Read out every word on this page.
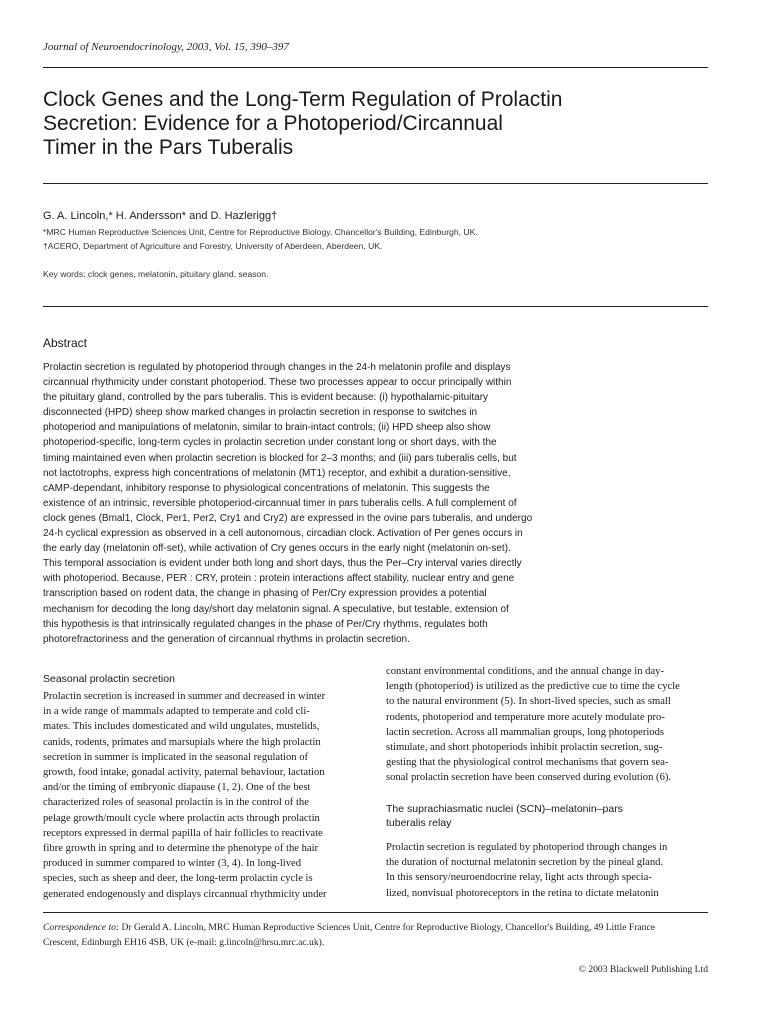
Journal of Neuroendocrinology, 2003, Vol. 15, 390–397
Clock Genes and the Long-Term Regulation of Prolactin
Secretion: Evidence for a Photoperiod/Circannual
Timer in the Pars Tuberalis
G. A. Lincoln,* H. Andersson* and D. Hazlerigg†
*MRC Human Reproductive Sciences Unit, Centre for Reproductive Biology, Chancellor's Building, Edinburgh, UK.
†ACERO, Department of Agriculture and Forestry, University of Aberdeen, Aberdeen, UK.
Key words: clock genes, melatonin, pituitary gland, season.
Abstract
Prolactin secretion is regulated by photoperiod through changes in the 24-h melatonin profile and displays
circannual rhythmicity under constant photoperiod. These two processes appear to occur principally within
the pituitary gland, controlled by the pars tuberalis. This is evident because: (i) hypothalamic-pituitary
disconnected (HPD) sheep show marked changes in prolactin secretion in response to switches in
photoperiod and manipulations of melatonin, similar to brain-intact controls; (ii) HPD sheep also show
photoperiod-specific, long-term cycles in prolactin secretion under constant long or short days, with the
timing maintained even when prolactin secretion is blocked for 2–3 months; and (iii) pars tuberalis cells, but
not lactotrophs, express high concentrations of melatonin (MT1) receptor, and exhibit a duration-sensitive,
cAMP-dependant, inhibitory response to physiological concentrations of melatonin. This suggests the
existence of an intrinsic, reversible photoperiod-circannual timer in pars tuberalis cells. A full complement of
clock genes (Bmal1, Clock, Per1, Per2, Cry1 and Cry2) are expressed in the ovine pars tuberalis, and undergo
24-h cyclical expression as observed in a cell autonomous, circadian clock. Activation of Per genes occurs in
the early day (melatonin off-set), while activation of Cry genes occurs in the early night (melatonin on-set).
This temporal association is evident under both long and short days, thus the Per–Cry interval varies directly
with photoperiod. Because, PER : CRY, protein : protein interactions affect stability, nuclear entry and gene
transcription based on rodent data, the change in phasing of Per/Cry expression provides a potential
mechanism for decoding the long day/short day melatonin signal. A speculative, but testable, extension of
this hypothesis is that intrinsically regulated changes in the phase of Per/Cry rhythms, regulates both
photorefractoriness and the generation of circannual rhythms in prolactin secretion.
Seasonal prolactin secretion
Prolactin secretion is increased in summer and decreased in winter
in a wide range of mammals adapted to temperate and cold cli-
mates. This includes domesticated and wild ungulates, mustelids,
canids, rodents, primates and marsupials where the high prolactin
secretion in summer is implicated in the seasonal regulation of
growth, food intake, gonadal activity, paternal behaviour, lactation
and/or the timing of embryonic diapause (1, 2). One of the best
characterized roles of seasonal prolactin is in the control of the
pelage growth/moult cycle where prolactin acts through prolactin
receptors expressed in dermal papilla of hair follicles to reactivate
fibre growth in spring and to determine the phenotype of the hair
produced in summer compared to winter (3, 4). In long-lived
species, such as sheep and deer, the long-term prolactin cycle is
generated endogenously and displays circannual rhythmicity under
constant environmental conditions, and the annual change in day-
length (photoperiod) is utilized as the predictive cue to time the cycle
to the natural environment (5). In short-lived species, such as small
rodents, photoperiod and temperature more acutely modulate pro-
lactin secretion. Across all mammalian groups, long photoperiods
stimulate, and short photoperiods inhibit prolactin secretion, sug-
gesting that the physiological control mechanisms that govern sea-
sonal prolactin secretion have been conserved during evolution (6).
The suprachiasmatic nuclei (SCN)–melatonin–pars
tuberalis relay
Prolactin secretion is regulated by photoperiod through changes in
the duration of nocturnal melatonin secretion by the pineal gland.
In this sensory/neuroendocrine relay, light acts through specia-
lized, nonvisual photoreceptors in the retina to dictate melatonin
Correspondence to: Dr Gerald A. Lincoln, MRC Human Reproductive Sciences Unit, Centre for Reproductive Biology, Chancellor's Building, 49 Little France
Crescent, Edinburgh EH16 4SB, UK (e-mail: g.lincoln@hrsu.mrc.ac.uk).
© 2003 Blackwell Publishing Ltd
